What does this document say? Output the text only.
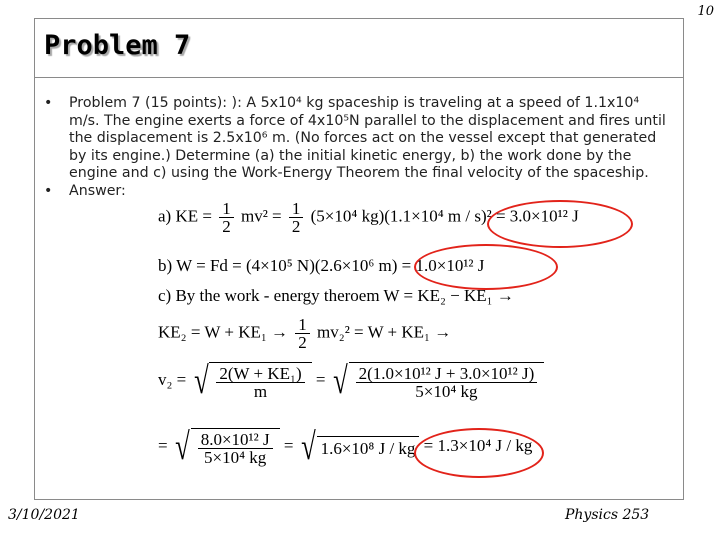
10
Problem 7
• Problem 7 (15 points): ): A 5x10⁴ kg spaceship is traveling at a speed of 1.1x10⁴ m/s. The engine exerts a force of 4x10⁵N parallel to the displacement and fires until the displacement is 2.5x10⁶ m. (No forces act on the vessel except that generated by its engine.) Determine (a) the initial kinetic energy, b) the work done by the engine and c) using the Work-Energy Theorem the final velocity of the spaceship.
• Answer:
a) KE = $\frac{1}{2} mv^2 = \frac{1}{2} (5\times 10^4$ kg)(1.1×10⁴ m / s)² = 3.0×10¹² J
b) W = Fd = (4×10⁵ N)(2.6×10⁶ m) = 1.0×10¹² J
c) By the work - energy theroem W = KE₂ − KE₁ →
$KE_2 = W + KE_1 \to \frac{1}{2} mv_2^2 = W + KE_1$ →
v₂ = √ $\frac{\text{2(W + KE₁)}}{m}$ = √ $\frac{\text{2(1.0×10¹² J + 3.0×10¹² J)}}{\text{5×10⁴ kg}}$
= √ $\frac{\text{8.0×10¹² J}}{\text{5×10⁴ kg}}$ = √ 1.6×10⁸ J / kg = 1.3×10⁴ J / kg
3/10/2021	Physics 253
